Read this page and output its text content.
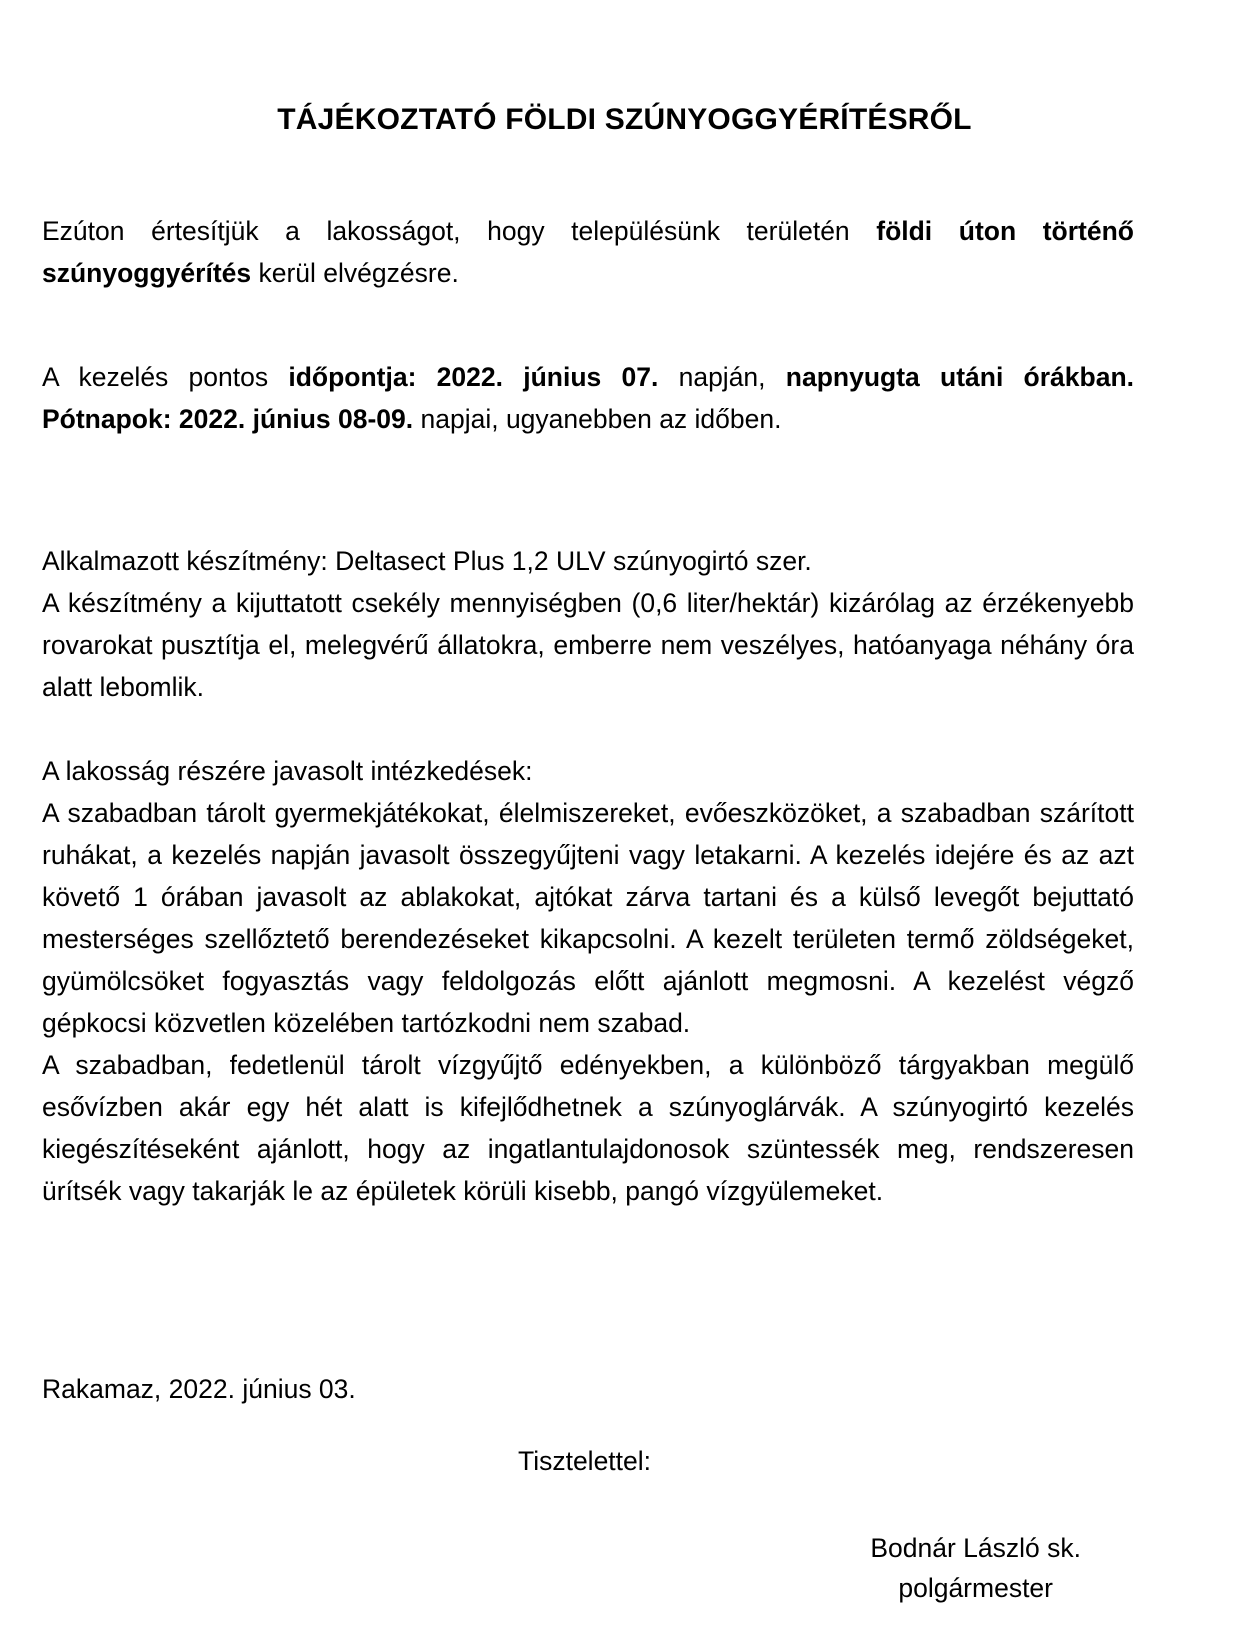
TÁJÉKOZTATÓ FÖLDI SZÚNYOGGYÉRÍTÉSRŐL

Ezúton értesítjük a lakosságot, hogy településünk területén földi úton történő szúnyoggyérítés kerül elvégzésre.

A kezelés pontos időpontja: 2022. június 07. napján, napnyugta utáni órákban. Pótnapok: 2022. június 08-09. napjai, ugyanebben az időben.

Alkalmazott készítmény: Deltasect Plus 1,2 ULV szúnyogirtó szer.

A készítmény a kijuttatott csekély mennyiségben (0,6 liter/hektár) kizárólag az érzékenyebb rovarokat pusztítja el, melegvérű állatokra, emberre nem veszélyes, hatóanyaga néhány óra alatt lebomlik.

A lakosság részére javasolt intézkedések:

A szabadban tárolt gyermekjátékokat, élelmiszereket, evőeszközöket, a szabadban szárított ruhákat, a kezelés napján javasolt összegyűjteni vagy letakarni. A kezelés idejére és az azt követő 1 órában javasolt az ablakokat, ajtókat zárva tartani és a külső levegőt bejuttató mesterséges szellőztető berendezéseket kikapcsolni. A kezelt területen termő zöldségeket, gyümölcsöket fogyasztás vagy feldolgozás előtt ajánlott megmosni. A kezelést végző gépkocsi közvetlen közelében tartózkodni nem szabad.

A szabadban, fedetlenül tárolt vízgyűjtő edényekben, a különböző tárgyakban megülő esővízben akár egy hét alatt is kifejlődhetnek a szúnyoglárvák. A szúnyogirtó kezelés kiegészítéseként ajánlott, hogy az ingatlantulajdonosok szüntessék meg, rendszeresen ürítsék vagy takarják le az épületek körüli kisebb, pangó vízgyülemeket.

Rakamaz, 2022. június 03.
Tisztelettel:
Bodnár László sk.
polgármester
